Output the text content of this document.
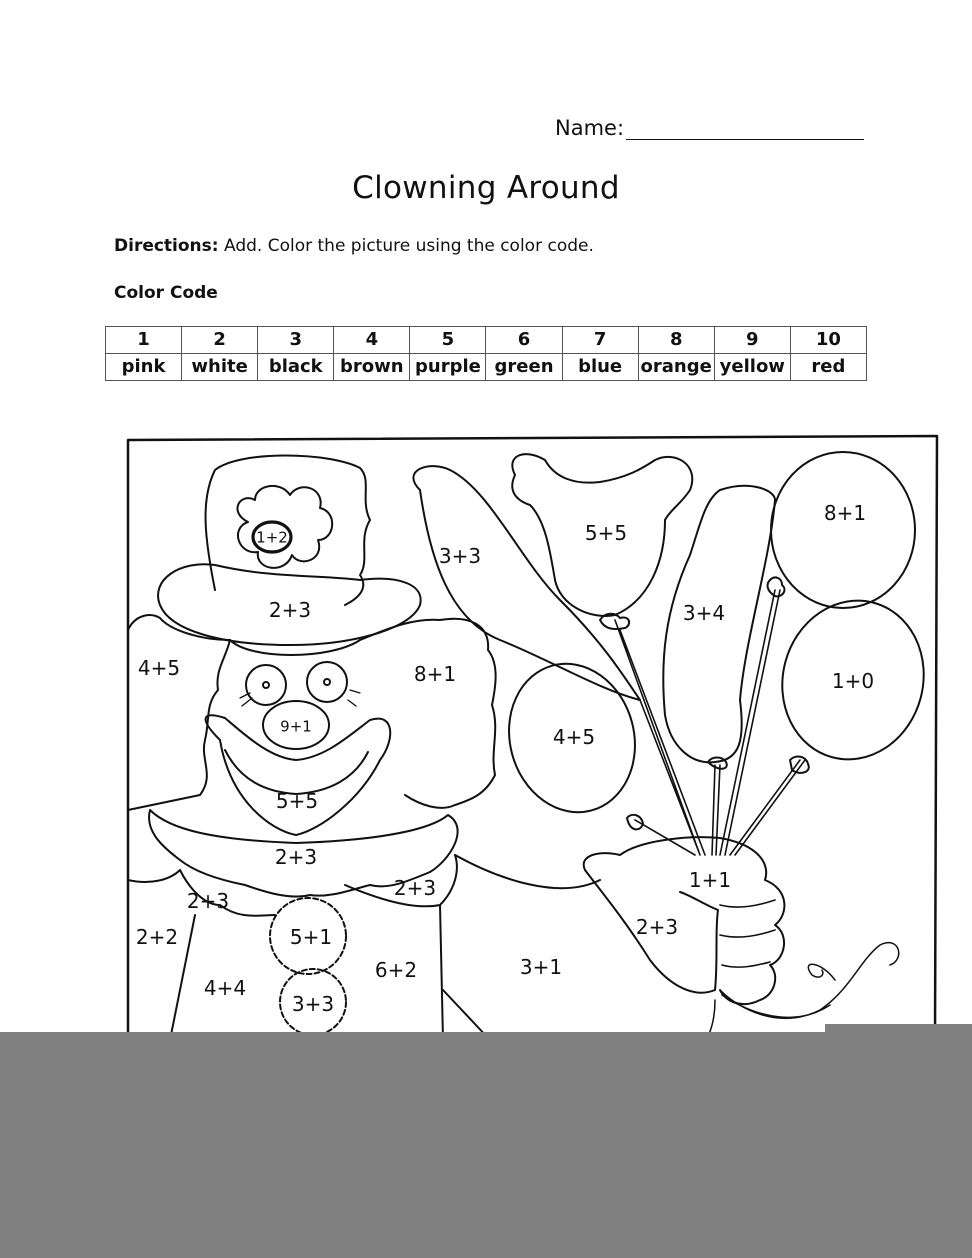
Name:
Clowning Around
Directions: Add. Color the picture using the color code.
Color Code
1	2	3	4	5	6	7	8	9	10
pink	white	black	brown	purple	green	blue	orange	yellow	red
1+2
2+3
4+5	8+1
9+1
5+5
2+3
2+3
2+3
2+2	5+1
3+3
4+4
6+2	3+1
2+3
1+1
3+3
5+5
3+4
8+1
1+0
4+5
